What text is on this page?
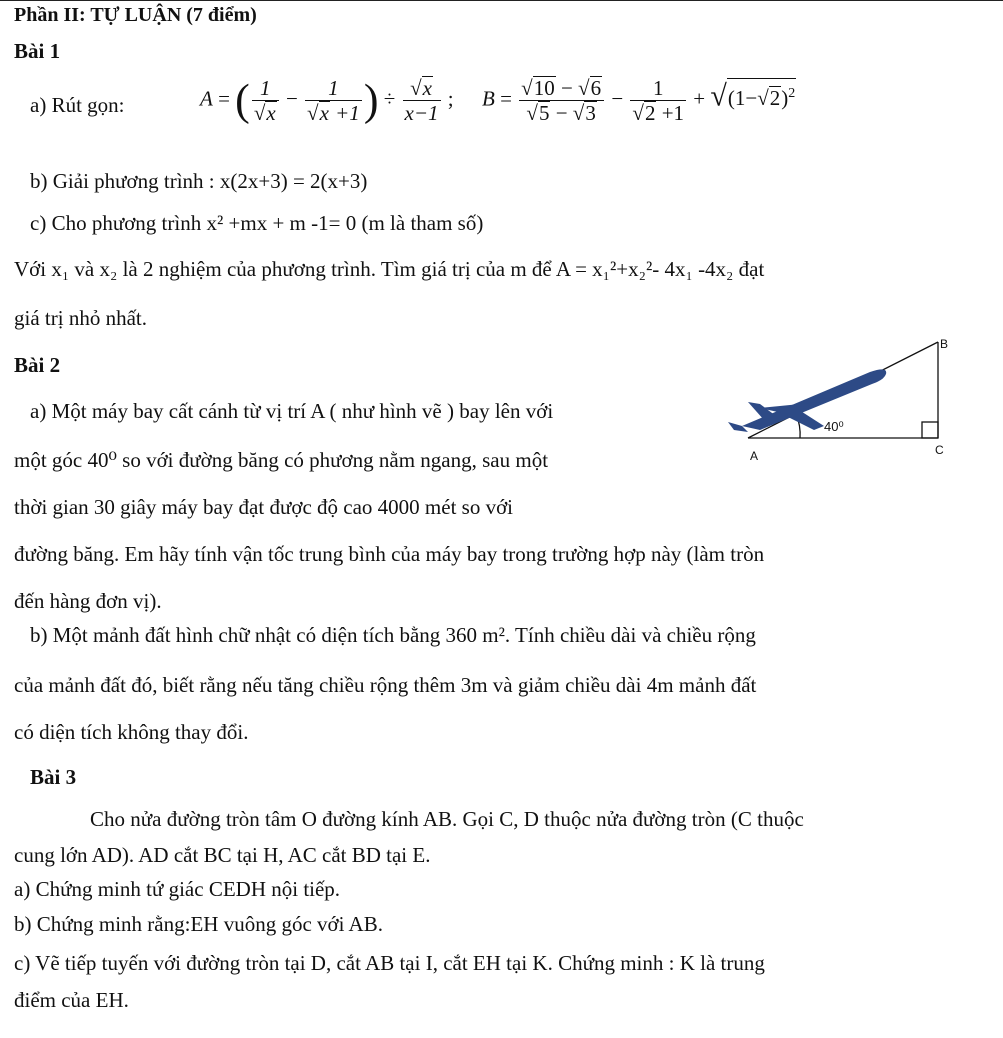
Phần II: TỰ LUẬN (7 điểm)
Bài 1
a) Rút gọn:	A = ( $\frac{1}{√x} - \frac{1}{√x +1}$ ) ÷ $\frac{√x}{x-1}$ ; $B = \frac{√10 - √6}{√5 - √3} - \frac{1}{√2 +1} + √(1-√2)^2$
b) Giải phương trình : x(2x+3) = 2(x+3)
c) Cho phương trình x² +mx + m -1= 0 (m là tham số)
Với x₁ và x₂ là 2 nghiệm của phương trình. Tìm giá trị của m để A = x₁²+x₂²- 4x₁ -4x₂ đạt
giá trị nhỏ nhất.
Bài 2
a) Một máy bay cất cánh từ vị trí A ( như hình vẽ ) bay lên với
một góc 40⁰ so với đường băng có phương nằm ngang, sau một
thời gian 30 giây máy bay đạt được độ cao 4000 mét so với
đường băng. Em hãy tính vận tốc trung bình của máy bay trong trường hợp này (làm tròn
đến hàng đơn vị).
B
A	C
40⁰
b) Một mảnh đất hình chữ nhật có diện tích bằng 360 m². Tính chiều dài và chiều rộng
của mảnh đất đó, biết rằng nếu tăng chiều rộng thêm 3m và giảm chiều dài 4m mảnh đất
có diện tích không thay đổi.
Bài 3
Cho nửa đường tròn tâm O đường kính AB. Gọi C, D thuộc nửa đường tròn (C thuộc
cung lớn AD). AD cắt BC tại H, AC cắt BD tại E.
a) Chứng minh tứ giác CEDH nội tiếp.
b) Chứng minh rằng:EH vuông góc với AB.
c) Vẽ tiếp tuyến với đường tròn tại D, cắt AB tại I, cắt EH tại K. Chứng minh : K là trung
điểm của EH.
